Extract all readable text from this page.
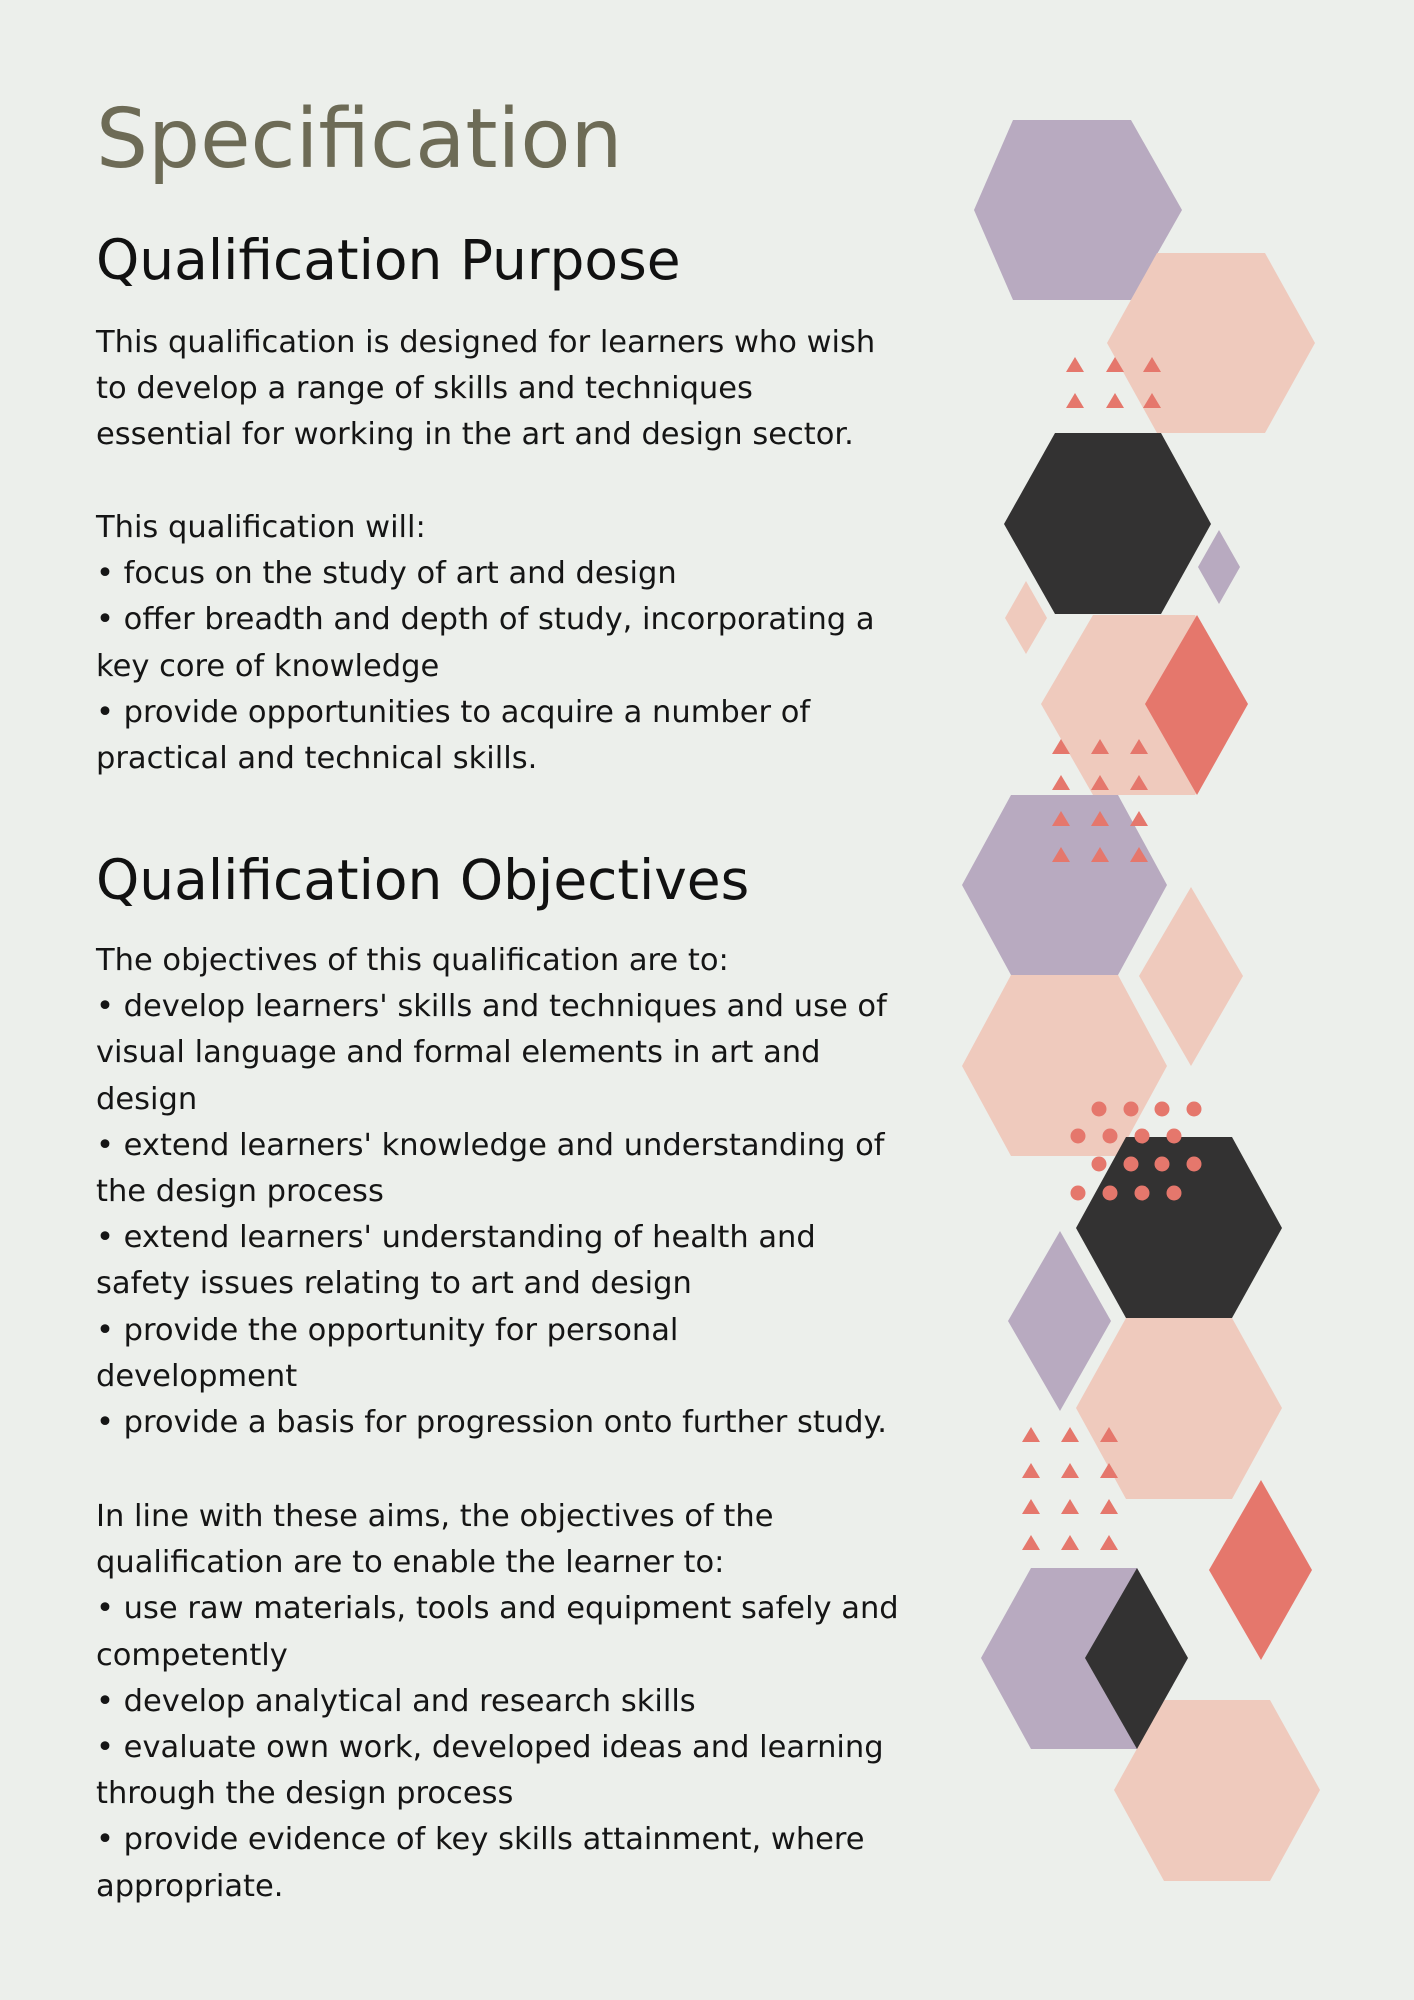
Specification
Qualification Purpose
This qualification is designed for learners who wish
to develop a range of skills and techniques
essential for working in the art and design sector.
This qualification will:
• focus on the study of art and design
• offer breadth and depth of study, incorporating a
key core of knowledge
• provide opportunities to acquire a number of
practical and technical skills.
Qualification Objectives
The objectives of this qualification are to:
• develop learners' skills and techniques and use of
visual language and formal elements in art and
design
• extend learners' knowledge and understanding of
the design process
• extend learners' understanding of health and
safety issues relating to art and design
• provide the opportunity for personal
development
• provide a basis for progression onto further study.
In line with these aims, the objectives of the
qualification are to enable the learner to:
• use raw materials, tools and equipment safely and
competently
• develop analytical and research skills
• evaluate own work, developed ideas and learning
through the design process
• provide evidence of key skills attainment, where
appropriate.
